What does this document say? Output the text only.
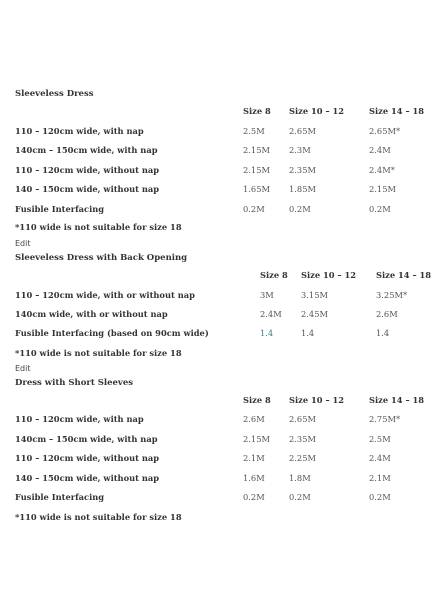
Sleeveless Dress
Size 8 Size 10 – 12	Size 14 – 18
110 – 120cm wide, with nap	2.5M	2.65M	2.65M*
140cm – 150cm wide, with nap	2.15M 2.3M	2.4M
110 – 120cm wide, without nap	2.15M 2.35M	2.4M*
140 – 150cm wide, without nap	1.65M 1.85M	2.15M
Fusible Interfacing	0.2M	0.2M	0.2M
*110 wide is not suitable for size 18
Edit
Sleeveless Dress with Back Opening
Size 8 Size 10 – 12 Size 14 – 18
110 – 120cm wide, with or without nap	3M	3.15M	3.25M*
140cm wide, with or without nap	2.4M 2.45M	2.6M
Fusible Interfacing (based on 90cm wide)	1.4	1.4	1.4
*110 wide is not suitable for size 18
Edit
Dress with Short Sleeves
Size 8 Size 10 – 12	Size 14 – 18
110 – 120cm wide, with nap	2.6M	2.65M	2.75M*
140cm – 150cm wide, with nap	2.15M 2.35M	2.5M
110 – 120cm wide, without nap	2.1M	2.25M	2.4M
140 – 150cm wide, without nap	1.6M	1.8M	2.1M
Fusible Interfacing	0.2M	0.2M	0.2M
*110 wide is not suitable for size 18
